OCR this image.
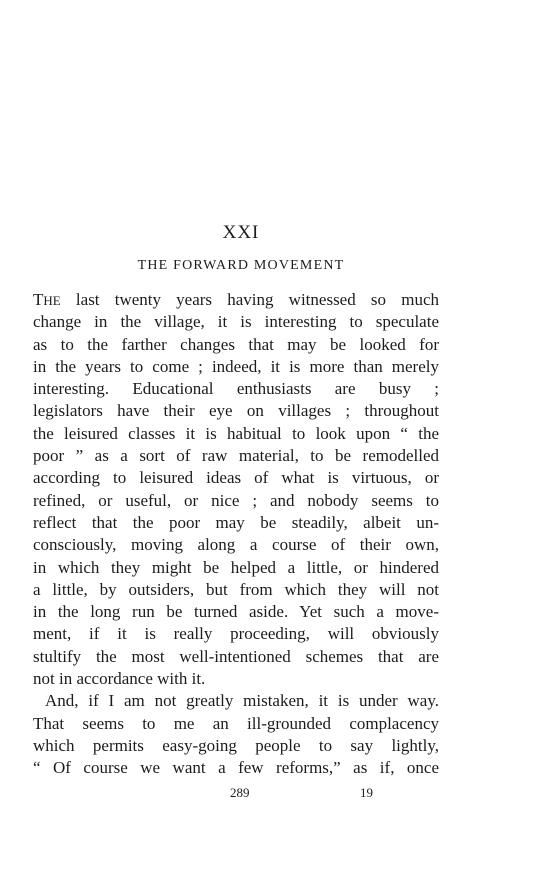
XXI
THE FORWARD MOVEMENT
THE last twenty years having witnessed so much
change in the village, it is interesting to speculate
as to the farther changes that may be looked for
in the years to come ; indeed, it is more than merely
interesting. Educational enthusiasts are busy ;
legislators have their eye on villages ; throughout
the leisured classes it is habitual to look upon “ the
poor ” as a sort of raw material, to be remodelled
according to leisured ideas of what is virtuous, or
refined, or useful, or nice ; and nobody seems to
reflect that the poor may be steadily, albeit un-
consciously, moving along a course of their own,
in which they might be helped a little, or hindered
a little, by outsiders, but from which they will not
in the long run be turned aside. Yet such a move-
ment, if it is really proceeding, will obviously
stultify the most well-intentioned schemes that are
not in accordance with it.
And, if I am not greatly mistaken, it is under way.
That seems to me an ill-grounded complacency
which permits easy-going people to say lightly,
“ Of course we want a few reforms,” as if, once
289	19
